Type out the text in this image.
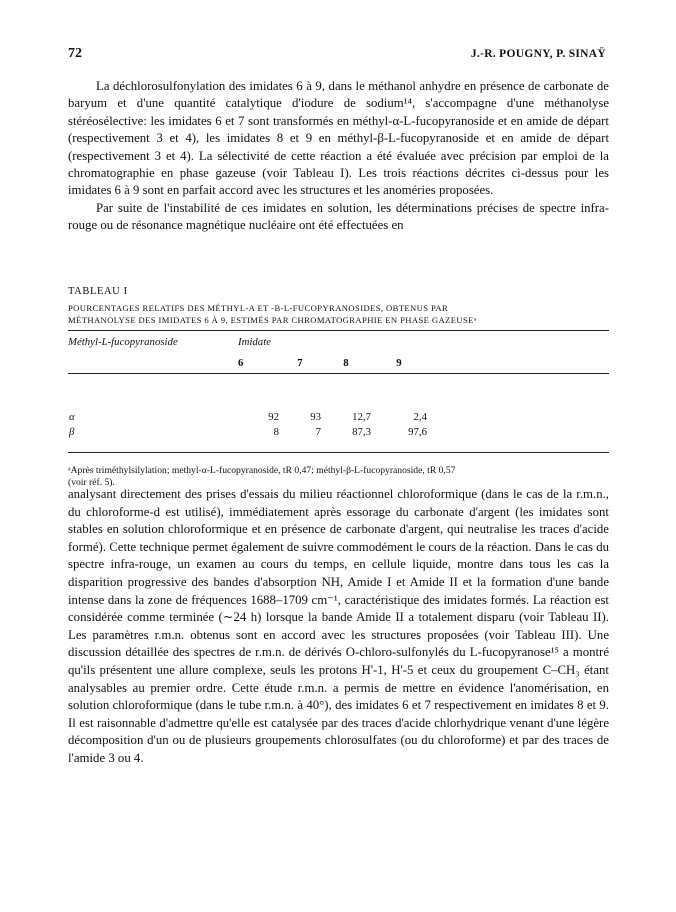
72	J.-R. POUGNY, P. SINAŸ

La déchlorosulfonylation des imidates 6 à 9, dans le méthanol anhydre en présence de carbonate de baryum et d'une quantité catalytique d'iodure de sodium¹⁴, s'accompagne d'une méthanolyse stéréosélective: les imidates 6 et 7 sont transformés en méthyl-α-L-fucopyranoside et en amide de départ (respectivement 3 et 4), les imidates 8 et 9 en méthyl-β-L-fucopyranoside et en amide de départ (respectivement 3 et 4). La sélectivité de cette réaction a été évaluée avec précision par emploi de la chromatographie en phase gazeuse (voir Tableau I). Les trois réactions décrites ci-dessus pour les imidates 6 à 9 sont en parfait accord avec les structures et les anoméries proposées.

Par suite de l'instabilité de ces imidates en solution, les déterminations précises de spectre infra-rouge ou de résonance magnétique nucléaire ont été effectuées en

TABLEAU I
POURCENTAGES RELATIFS DES MÉTHYL-Α ET -Β-L-FUCOPYRANOSIDES, OBTENUS PAR
MÉTHANOLYSE DES IMIDATES 6 À 9, ESTIMÉS PAR CHROMATOGRAPHIE EN PHASE GAZEUSEᵃ
Méthyl-L-fucopyranoside	Imidate				
	6	7	8	9	

α	92	93	12,7	2,4	
β	8	7	87,3	97,6	

ᵃAprès triméthylsilylation; methyl-α-L-fucopyranoside, tR 0,47; méthyl-β-L-fucopyranoside, tR 0,57
(voir réf. 5).

analysant directement des prises d'essais du milieu réactionnel chloroformique (dans le cas de la r.m.n., du chloroforme-d est utilisé), immédiatement après essorage du carbonate d'argent (les imidates sont stables en solution chloroformique et en présence de carbonate d'argent, qui neutralise les traces d'acide formé). Cette technique permet également de suivre commodément le cours de la réaction. Dans le cas du spectre infra-rouge, un examen au cours du temps, en cellule liquide, montre dans tous les cas la disparition progressive des bandes d'absorption NH, Amide I et Amide II et la formation d'une bande intense dans la zone de fréquences 1688–1709 cm⁻¹, caractéristique des imidates formés. La réaction est considérée comme terminée (∼24 h) lorsque la bande Amide II a totalement disparu (voir Tableau II). Les paramètres r.m.n. obtenus sont en accord avec les structures proposées (voir Tableau III). Une discussion détaillée des spectres de r.m.n. de dérivés O-chloro-sulfonylés du L-fucopyranose¹⁵ a montré qu'ils présentent une allure complexe, seuls les protons H'-1, H'-5 et ceux du groupement C–CH₃ étant analysables au premier ordre. Cette étude r.m.n. a permis de mettre en évidence l'anomérisation, en solution chloroformique (dans le tube r.m.n. à 40°), des imidates 6 et 7 respectivement en imidates 8 et 9. Il est raisonnable d'admettre qu'elle est catalysée par des traces d'acide chlorhydrique venant d'une légère décomposition d'un ou de plusieurs groupements chlorosulfates (ou du chloroforme) et par des traces de l'amide 3 ou 4.
